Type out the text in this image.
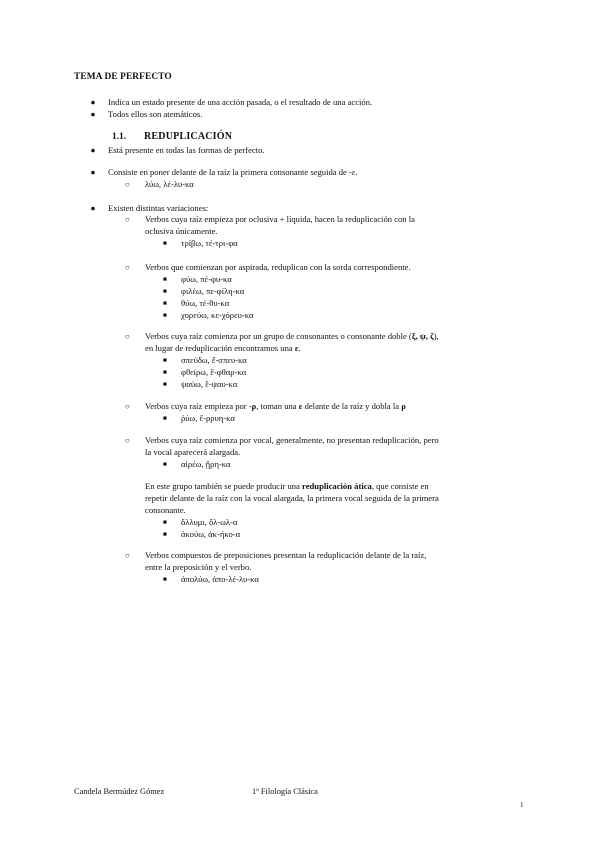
TEMA DE PERFECTO
● Indica un estado presente de una acción pasada, o el resultado de una acción.
● Todos ellos son atemáticos.
1.1. REDUPLICACIÓN
● Está presente en todas las formas de perfecto.
● Consiste en poner delante de la raíz la primera consonante seguida de -ε.
○ λύω, λέ-λυ-κα
● Existen distintas variaciones:
○ Verbos cuya raíz empieza por oclusiva + líquida, hacen la reduplicación con la
oclusiva únicamente.
■ τρίβω, τέ-τρι-φα
○ Verbos que comienzan por aspirada, reduplican con la sorda correspondiente.
■ φύω, πέ-φυ-κα
■ φιλέω, πε-φίλη-κα
■ θύω, τέ-θυ-κα
■ χορεύω, κε-χόρευ-κα
○ Verbos cuya raíz comienza por un grupo de consonantes o consonante doble (ξ, ψ, ζ),
en lugar de reduplicación encontramos una ε.
■ σπεύδω, ἔ-σπευ-κα
■ φθείρω, ἔ-φθαρ-κα
■ ψαύω, ἔ-ψαυ-κα
○ Verbos cuya raíz empieza por -ρ, toman una ε delante de la raíz y dobla la ρ
■ ῥύω, ἔ-ρρυη-κα
○ Verbos cuya raíz comienza por vocal, generalmente, no presentan reduplicación, pero
la vocal aparecerá alargada.
■ αἱρέω, ᾕρη-κα
En este grupo también se puede producir una reduplicación ática, que consiste en
repetir delante de la raíz con la vocal alargada, la primera vocal seguida de la primera
consonante.
■ ὄλλυμι, ὄλ-ωλ-α
■ ἀκούω, ἀκ-ήκο-α
○ Verbos compuestos de preposiciones presentan la reduplicación delante de la raíz,
entre la preposición y el verbo.
■ ἀπολύω, ἀπο-λέ-λυ-κα
Candela Bermúdez Gómez	1º Filología Clásica
1
